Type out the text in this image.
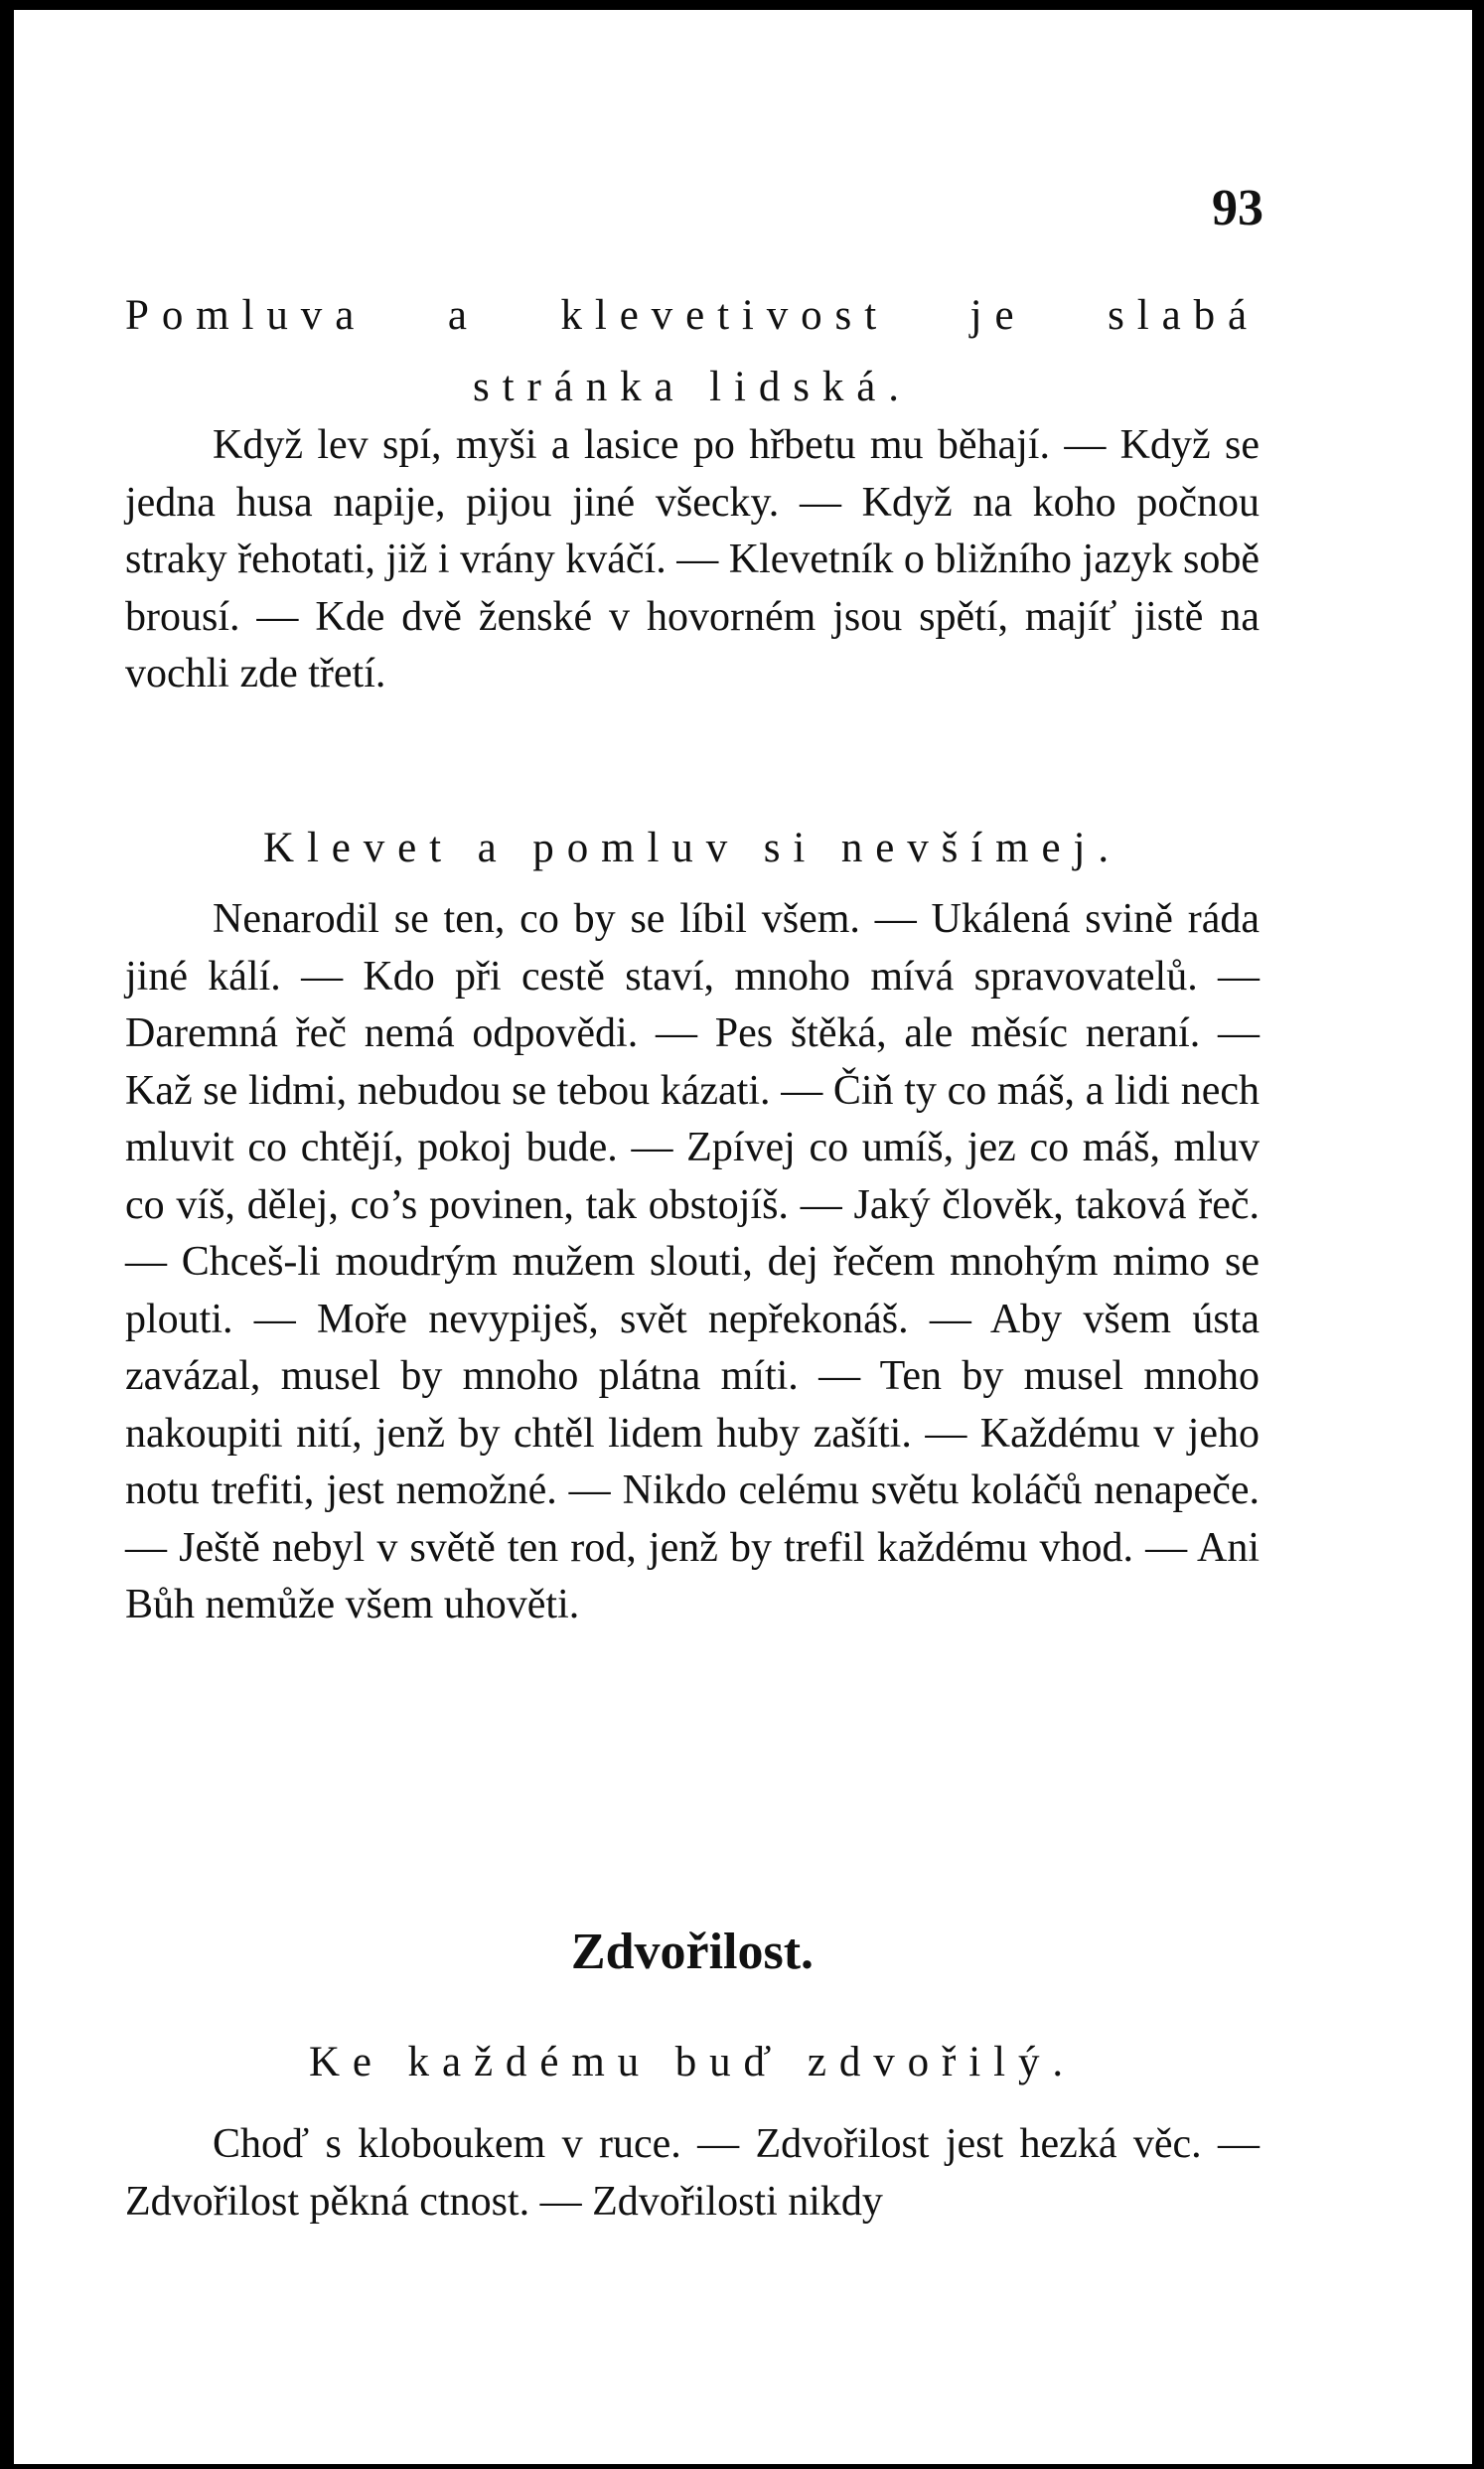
93

Pomluva a klevetivost je slabá stránka lidská.

Když lev spí, myši a lasice po hřbetu mu běhají. — Když se jedna husa napije, pijou jiné všecky. — Když na koho počnou straky řehotati, již i vrány kváčí. — Klevetník o bližního jazyk sobě brousí. — Kde dvě ženské v hovorném jsou spětí, majíť jistě na vochli zde třetí.

Klevet a pomluv si nevšímej.

Nenarodil se ten, co by se líbil všem. — Ukálená svině ráda jiné kálí. — Kdo při cestě staví, mnoho mívá spravovatelů. — Daremná řeč nemá odpovědi. — Pes štěká, ale měsíc neraní. — Kaž se lidmi, nebudou se tebou kázati. — Čiň ty co máš, a lidi nech mluvit co chtějí, pokoj bude. — Zpívej co umíš, jez co máš, mluv co víš, dělej, co’s povinen, tak obstojíš. — Jaký člověk, taková řeč. — Chceš-li moudrým mužem slouti, dej řečem mnohým mimo se plouti. — Moře nevypiješ, svět nepřekonáš. — Aby všem ústa zavázal, musel by mnoho plátna míti. — Ten by musel mnoho nakoupiti nití, jenž by chtěl lidem huby zašíti. — Každému v jeho notu trefiti, jest nemožné. — Nikdo celému světu koláčů nenapeče. — Ještě nebyl v světě ten rod, jenž by trefil každému vhod. — Ani Bůh nemůže všem uhověti.

Zdvořilost.

Ke každému buď zdvořilý.

Choď s kloboukem v ruce. — Zdvořilost jest hezká věc. — Zdvořilost pěkná ctnost. — Zdvořilosti nikdy
